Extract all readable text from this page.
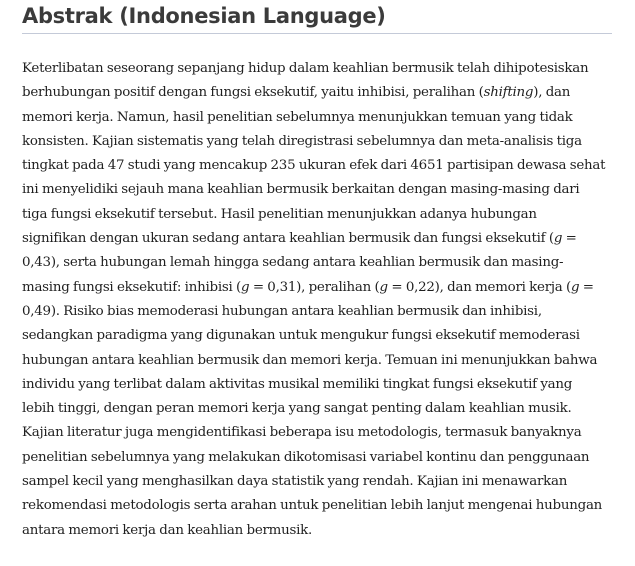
Abstrak (Indonesian Language)

Keterlibatan seseorang sepanjang hidup dalam keahlian bermusik telah dihipotesiskan
berhubungan positif dengan fungsi eksekutif, yaitu inhibisi, peralihan (shifting), dan
memori kerja. Namun, hasil penelitian sebelumnya menunjukkan temuan yang tidak
konsisten. Kajian sistematis yang telah diregistrasi sebelumnya dan meta-analisis tiga
tingkat pada 47 studi yang mencakup 235 ukuran efek dari 4651 partisipan dewasa sehat
ini menyelidiki sejauh mana keahlian bermusik berkaitan dengan masing-masing dari
tiga fungsi eksekutif tersebut. Hasil penelitian menunjukkan adanya hubungan
signifikan dengan ukuran sedang antara keahlian bermusik dan fungsi eksekutif (g =
0,43), serta hubungan lemah hingga sedang antara keahlian bermusik dan masing-
masing fungsi eksekutif: inhibisi (g = 0,31), peralihan (g = 0,22), dan memori kerja (g =
0,49). Risiko bias memoderasi hubungan antara keahlian bermusik dan inhibisi,
sedangkan paradigma yang digunakan untuk mengukur fungsi eksekutif memoderasi
hubungan antara keahlian bermusik dan memori kerja. Temuan ini menunjukkan bahwa
individu yang terlibat dalam aktivitas musikal memiliki tingkat fungsi eksekutif yang
lebih tinggi, dengan peran memori kerja yang sangat penting dalam keahlian musik.
Kajian literatur juga mengidentifikasi beberapa isu metodologis, termasuk banyaknya
penelitian sebelumnya yang melakukan dikotomisasi variabel kontinu dan penggunaan
sampel kecil yang menghasilkan daya statistik yang rendah. Kajian ini menawarkan
rekomendasi metodologis serta arahan untuk penelitian lebih lanjut mengenai hubungan
antara memori kerja dan keahlian bermusik.
